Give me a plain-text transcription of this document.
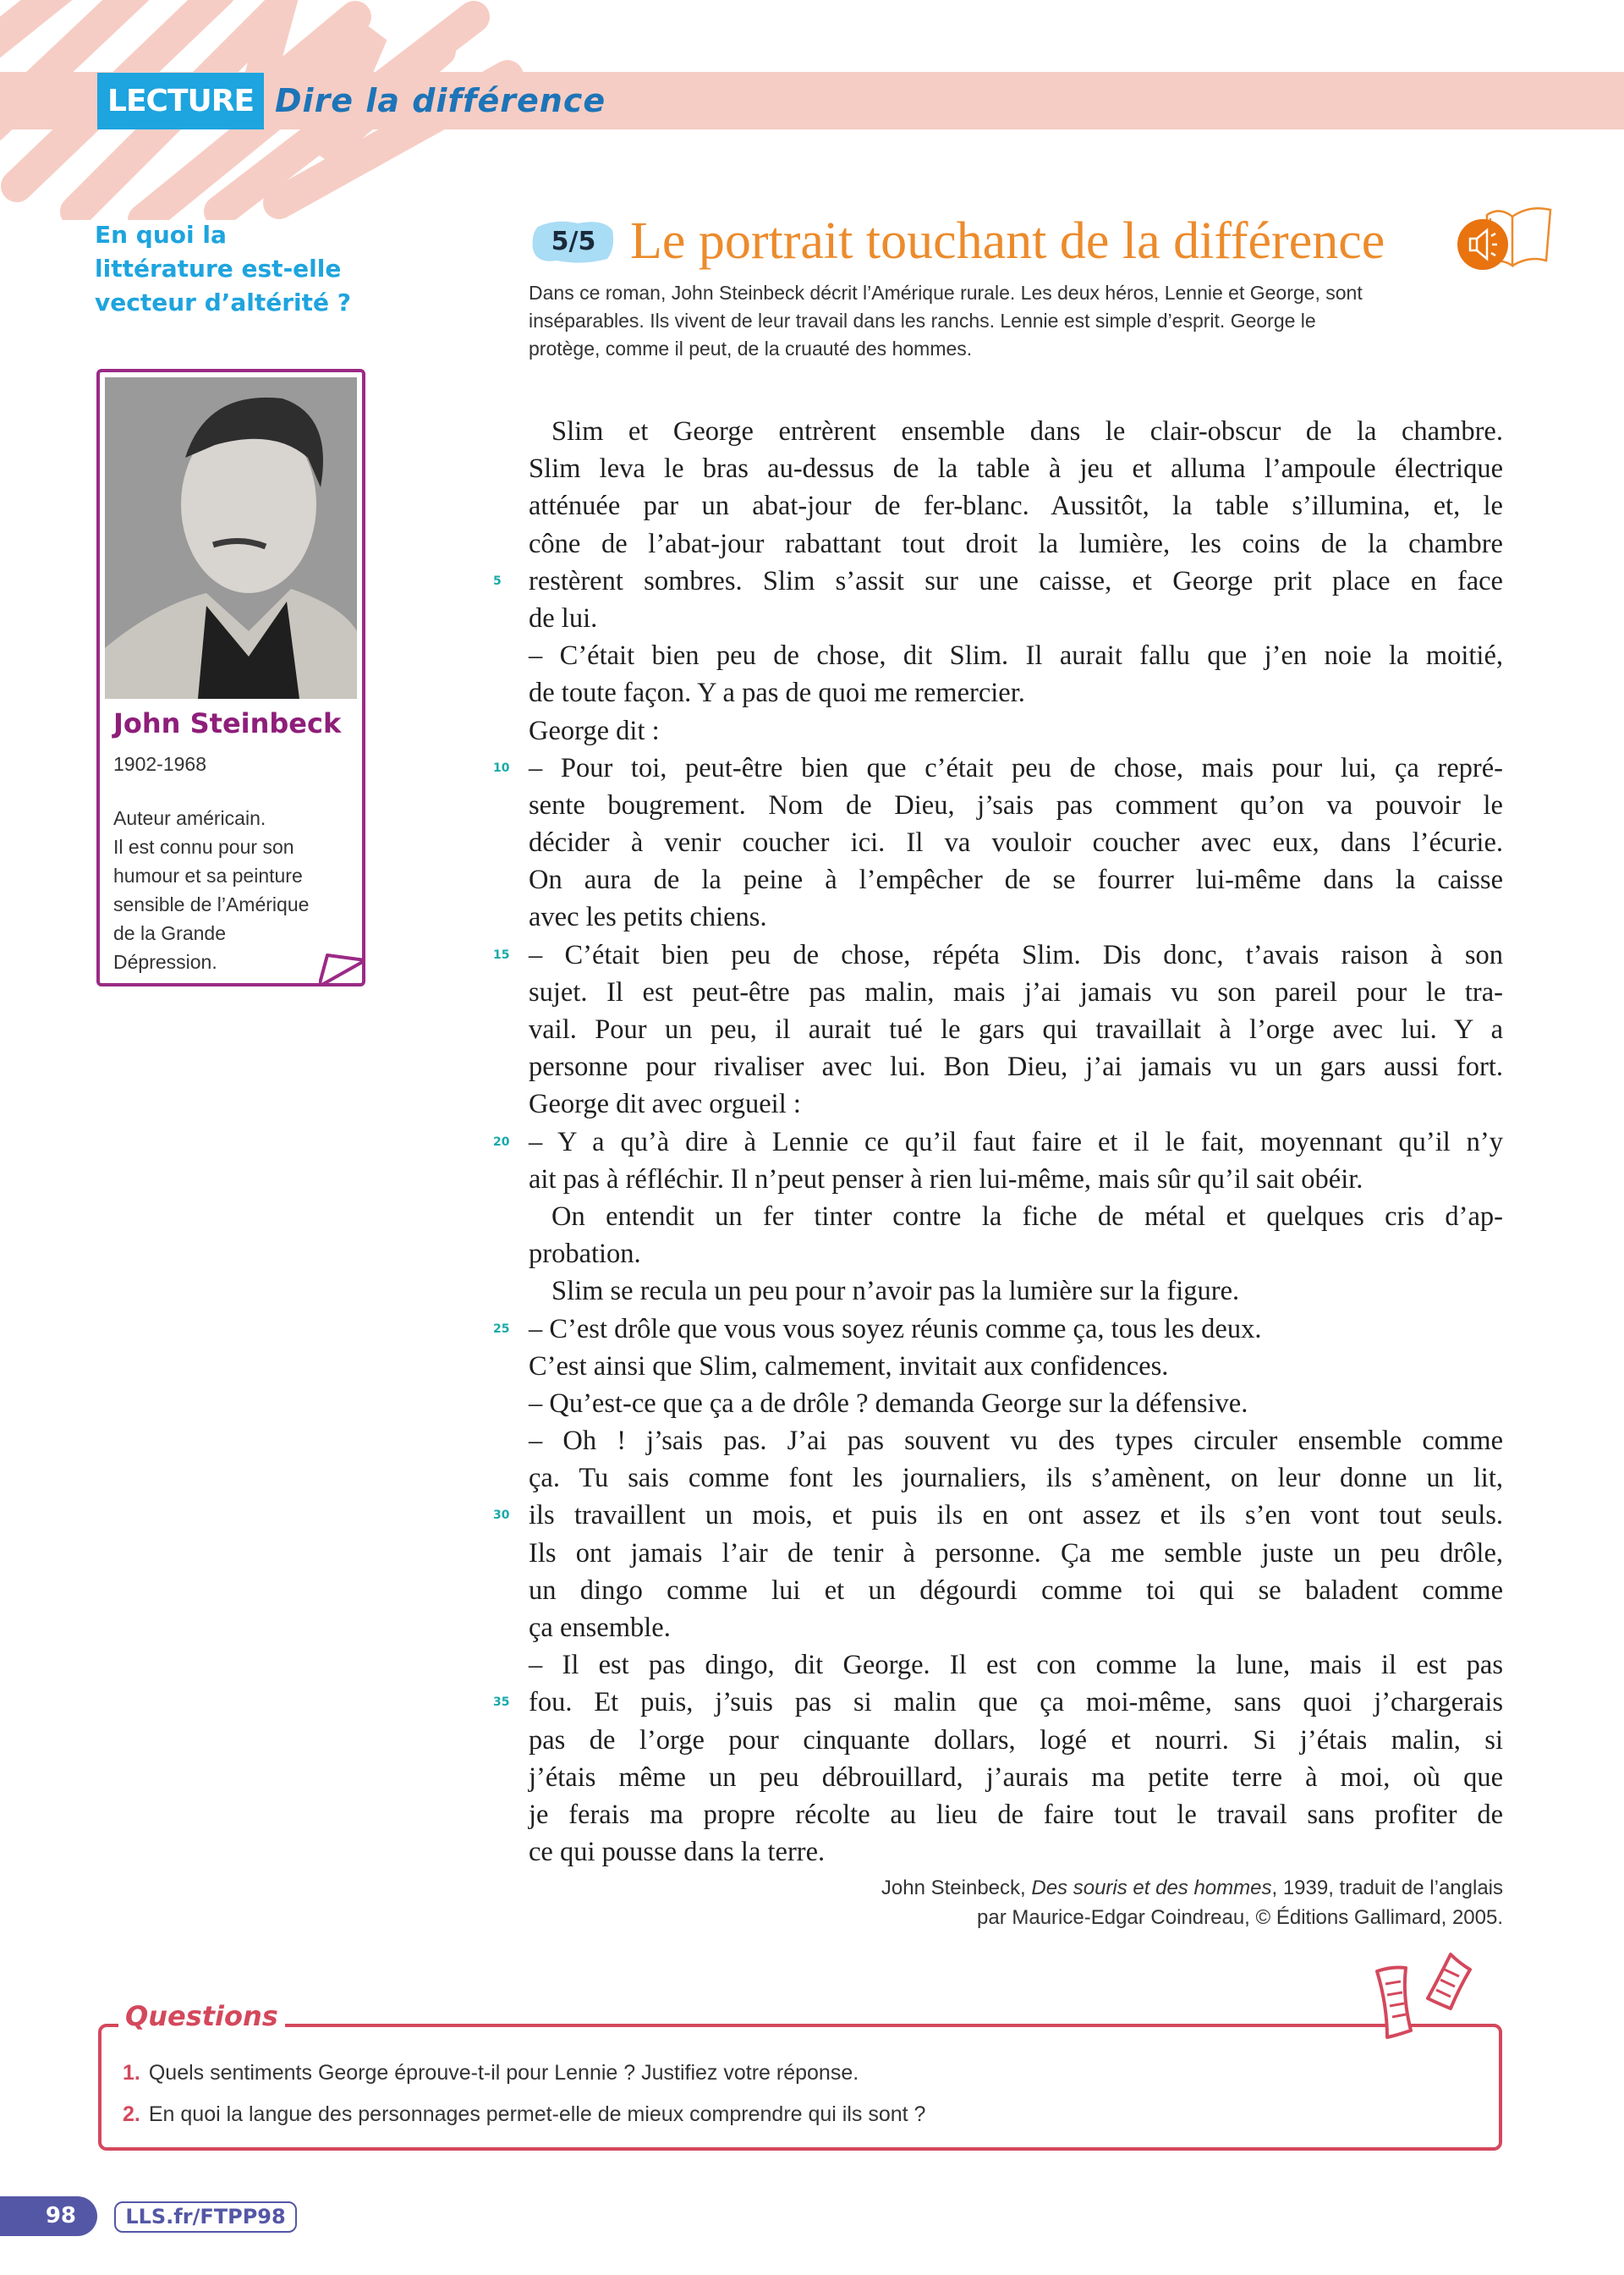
LECTURE Dire la différence
En quoi la littérature est-elle vecteur d’altérité ?
John Steinbeck
1902-1968
Auteur américain.
Il est connu pour son
humour et sa peinture
sensible de l’Amérique
de la Grande
Dépression.
5/5 Le portrait touchant de la différence
Dans ce roman, John Steinbeck décrit l’Amérique rurale. Les deux héros, Lennie et George, sont
inséparables. Ils vivent de leur travail dans les ranchs. Lennie est simple d’esprit. George le
protège, comme il peut, de la cruauté des hommes.
Slim et George entrèrent ensemble dans le clair-obscur de la chambre.
Slim leva le bras au-dessus de la table à jeu et alluma l’ampoule électrique
atténuée par un abat-jour de fer-blanc. Aussitôt, la table s’illumina, et, le
cône de l’abat-jour rabattant tout droit la lumière, les coins de la chambre
5 restèrent sombres. Slim s’assit sur une caisse, et George prit place en face
de lui.
– C’était bien peu de chose, dit Slim. Il aurait fallu que j’en noie la moitié,
de toute façon. Y a pas de quoi me remercier.
George dit :
10 – Pour toi, peut-être bien que c’était peu de chose, mais pour lui, ça repré-
sente bougrement. Nom de Dieu, j’sais pas comment qu’on va pouvoir le
décider à venir coucher ici. Il va vouloir coucher avec eux, dans l’écurie.
On aura de la peine à l’empêcher de se fourrer lui-même dans la caisse
avec les petits chiens.
15 – C’était bien peu de chose, répéta Slim. Dis donc, t’avais raison à son
sujet. Il est peut-être pas malin, mais j’ai jamais vu son pareil pour le tra-
vail. Pour un peu, il aurait tué le gars qui travaillait à l’orge avec lui. Y a
personne pour rivaliser avec lui. Bon Dieu, j’ai jamais vu un gars aussi fort.
George dit avec orgueil :
20 – Y a qu’à dire à Lennie ce qu’il faut faire et il le fait, moyennant qu’il n’y
ait pas à réfléchir. Il n’peut penser à rien lui-même, mais sûr qu’il sait obéir.
On entendit un fer tinter contre la fiche de métal et quelques cris d’ap-
probation.
Slim se recula un peu pour n’avoir pas la lumière sur la figure.
25 – C’est drôle que vous vous soyez réunis comme ça, tous les deux.
C’est ainsi que Slim, calmement, invitait aux confidences.
– Qu’est-ce que ça a de drôle ? demanda George sur la défensive.
– Oh ! j’sais pas. J’ai pas souvent vu des types circuler ensemble comme
ça. Tu sais comme font les journaliers, ils s’amènent, on leur donne un lit,
30 ils travaillent un mois, et puis ils en ont assez et ils s’en vont tout seuls.
Ils ont jamais l’air de tenir à personne. Ça me semble juste un peu drôle,
un dingo comme lui et un dégourdi comme toi qui se baladent comme
ça ensemble.
– Il est pas dingo, dit George. Il est con comme la lune, mais il est pas
35 fou. Et puis, j’suis pas si malin que ça moi-même, sans quoi j’chargerais
pas de l’orge pour cinquante dollars, logé et nourri. Si j’étais malin, si
j’étais même un peu débrouillard, j’aurais ma petite terre à moi, où que
je ferais ma propre récolte au lieu de faire tout le travail sans profiter de
ce qui pousse dans la terre.
John Steinbeck, Des souris et des hommes, 1939, traduit de l’anglais
par Maurice-Edgar Coindreau, © Éditions Gallimard, 2005.
Questions
1. Quels sentiments George éprouve-t-il pour Lennie ? Justifiez votre réponse.
2. En quoi la langue des personnages permet-elle de mieux comprendre qui ils sont ?
98	LLS.fr/FTPP98
